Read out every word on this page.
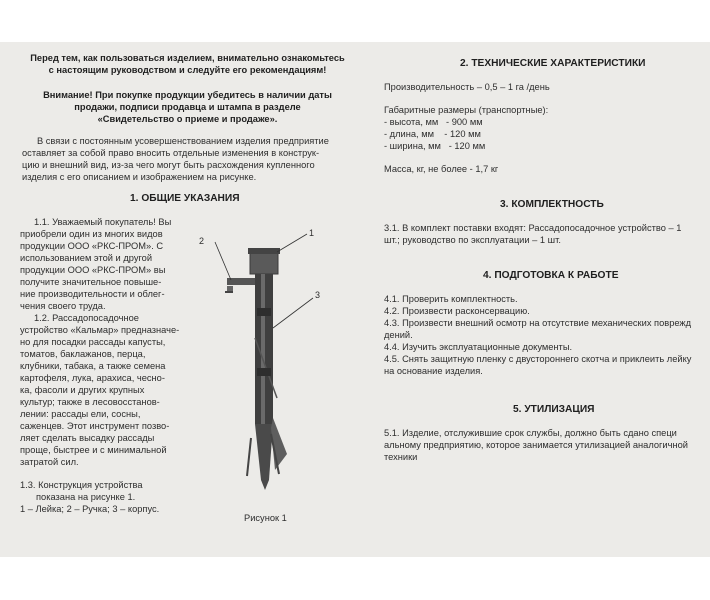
Перед тем, как пользоваться изделием, внимательно ознакомьтесь
с настоящим руководством и следуйте его рекомендациям!
Внимание! При покупке продукции убедитесь в наличии даты
продажи, подписи продавца и штампа в разделе
«Свидетельство о приеме и продаже».
В связи с постоянным усовершенствованием изделия предприятие
оставляет за собой право вносить отдельные изменения в конструк-
цию и внешний вид, из-за чего могут быть расхождения купленного
изделия с его описанием и изображением на рисунке.
1. ОБЩИЕ УКАЗАНИЯ
1.1. Уважаемый покупатель! Вы
приобрели один из многих видов
продукции ООО «РКС-ПРОМ». С
использованием этой и другой
продукции ООО «РКС-ПРОМ» вы
получите значительное повыше-
ние производительности и облег-
чения своего труда.
1.2. Рассадопосадочное
устройство «Кальмар» предназначе-
но для посадки рассады капусты,
томатов, баклажанов, перца,
клубники, табака, а также семена
картофеля, лука, арахиса, чесно-
ка, фасоли и других крупных
культур; также в лесовосстанов-
лении: рассады ели, сосны,
саженцев. Этот инструмент позво-
ляет сделать высадку рассады
проще, быстрее и с минимальной
затратой сил.
1.3. Конструкция устройства
показана на рисунке 1.
1 – Лейка; 2 – Ручка; 3 – корпус.
2
1
3
Рисунок 1
2. ТЕХНИЧЕСКИЕ ХАРАКТЕРИСТИКИ
Производительность – 0,5 – 1 га /день
Габаритные размеры (транспортные):
- высота, мм   - 900 мм
- длина, мм    - 120 мм
- ширина, мм   - 120 мм
Масса, кг, не более - 1,7 кг
3. КОМПЛЕКТНОСТЬ
3.1. В комплект поставки входят: Рассадопосадочное устройство – 1
шт.; руководство по эксплуатации – 1 шт.
4. ПОДГОТОВКА К РАБОТЕ
4.1. Проверить комплектность.
4.2. Произвести расконсервацию.
4.3. Произвести внешний осмотр на отсутствие механических поврежд
дений.
4.4. Изучить эксплуатационные документы.
4.5. Снять защитную пленку с двустороннего скотча и приклеить лейку
на основание изделия.
5. УТИЛИЗАЦИЯ
5.1. Изделие, отслужившие срок службы, должно быть сдано специ
альному предприятию, которое занимается утилизацией аналогичной
техники
